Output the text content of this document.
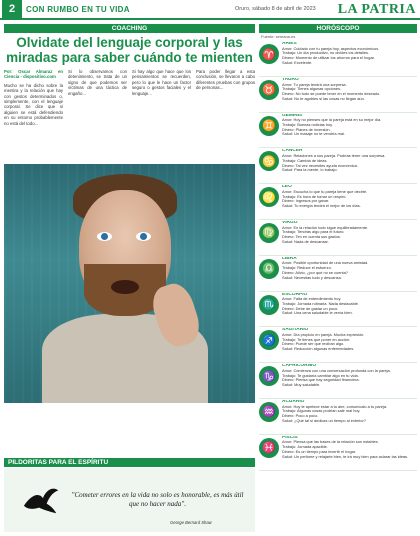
2	CON RUMBO EN TU VIDA	Oruro, sábado 8 de abril de 2023 LA PATRIA
COACHING
Olvidate del lenguaje corporal y las miradas para saber cuándo te mienten
Por: Oscar Almaraz en Ciencia - dispositivo.com
Mucho se ha dicho sobre la mentira y la relación que hay con gestos determinados o, simplemente, con el lenguaje corporal. Se dice que si alguien se está defendiendo en su entorno probablemente no está del todo...
Si lo observamos con detenimiento, se trata de un signo de que podemos ser víctimas de una táctica de engaño...
Si hay algo que hace que los pensamientos se recuerden, pero lo que le hace un factor seguro o gestos faciales y el lenguaje...
Para poder llegar a esta conclusión, se llevaron a cabo diferentes pruebas con grupos de personas...
HORÓSCOPO
Fuente: semana.es
♈
ARIES
Amor: Cuidado con tu pareja hoy, aspectos económicos.
Trabajo: Un día productivo, no olvides los detalles.
Dinero: Momento de utilizar los ahorros para el hogar.
Salud: Excelente.
♉
TAURO
Amor: Tu pareja tendrá una sorpresa.
Trabajo: Tienes algunas opciones.
Dinero: No todo se puede tener en el momento deseado.
Salud: No te agobies si las cosas no llegan aún.
♊
GÉMINIS
Amor: Hoy no pienses que la pareja está en su mejor día.
Trabajo: Buenas noticias hoy.
Dinero: Planes de inversión.
Salud: Un masaje no te vendría mal.
♋
CÁNCER
Amor: Relaciones a sus pareja. Podrías tener una sorpresa.
Trabajo: Cambia de ideas.
Dinero: Tal vez necesites ayuda económica.
Salud: Para la mente, lo trabajo.
♌
LEO
Amor: Escucha lo que tu pareja tiene que decirte.
Trabajo: Es hora de tomar un respiro.
Dinero: Ingresos por ganar.
Salud: Tu energía tendrá el mejor de los días.
♍
VIRGO
Amor: En la relación todo sigue equilibradamente.
Trabajo: Tendrás algo para el futuro.
Dinero: Ten en cuenta sus gastos.
Salud: Nada de descansar.
♎
LIBRA
Amor: Posible oportunidad de una nueva amistad.
Trabajo: Reduce el esfuerzo.
Dinero: Alivio, ¿por qué no se cuenta?
Salud: Necesitas todo y descansa.
♏
ESCORPIO
Amor: Falta de entendimiento hoy.
Trabajo: Jornada rutinaria. Nada destacable.
Dinero: Debe de gastar un poco.
Salud: Una cena saludable le venía bien.
♐
SAGITARIO
Amor: Día propicio en pareja. Mucha expresión.
Trabajo: Te tienes que poner en acción.
Dinero: Puede ser que reciban algo.
Salud: Reducción algunas enfermedades.
♑
CAPRICORNIO
Amor: Comienza con una conversación profunda con la pareja.
Trabajo: Te gustaría cambiar algo en tu vida.
Dinero: Piensa que hay seguridad financiera.
Salud: Muy saludable.
♒
ACUARIO
Amor: Hoy te apetece estar a tu aire, comunícalo a tu pareja.
Trabajo: Algunas cosas podrían salir mal hoy.
Dinero: Poco a poco.
Salud: ¿Qué tal si dedicas un tiempo al exterior?
♓
PISCIS
Amor: Piensa que las bases de la relación son estables.
Trabajo: Jornada apacible.
Dinero: Es un tiempo para invertir el hogar.
Salud: Un perfume y relajarte bien, te irá muy bien para aclarar las ideas.
PILDORITAS PARA EL ESPÍRITU
"Cometer errores en la vida no solo es honorable, es más útil que no hacer nada".
George Bernard Shaw
